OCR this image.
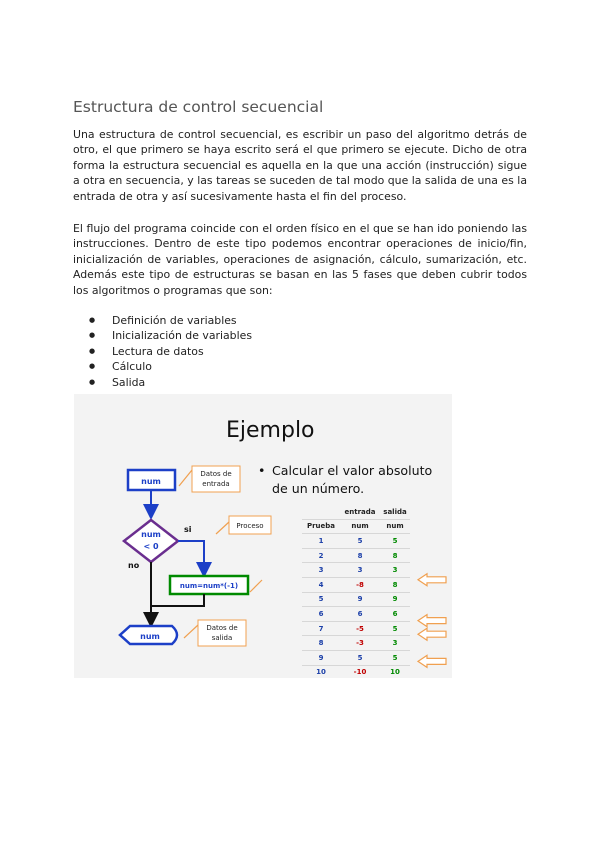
Estructura de control secuencial

Una estructura de control secuencial, es escribir un paso del algoritmo detrás de otro, el que primero se haya escrito será el que primero se ejecute. Dicho de otra forma la estructura secuencial es aquella en la que una acción (instrucción) sigue a otra en secuencia, y las tareas se suceden de tal modo que la salida de una es la entrada de otra y así sucesivamente hasta el fin del proceso.

El flujo del programa coincide con el orden físico en el que se han ido poniendo las instrucciones. Dentro de este tipo podemos encontrar operaciones de inicio/fin, inicialización de variables, operaciones de asignación, cálculo, sumarización, etc. Además este tipo de estructuras se basan en las 5 fases que deben cubrir todos los algoritmos o programas que son:

● Definición de variables
● Inicialización de variables
● Lectura de datos
● Cálculo
● Salida
Ejemplo
• Calcular el valor absoluto de un número.
num
Datos de
entrada
num
< 0
si	Proceso
num=num*(-1)
no
num
Datos de
salida
	entrada	salida
Prueba	num	num
1	5	5
2	8	8
3	3	3
4	-8	8
5	9	9
6	6	6
7	-5	5
8	-3	3
9	5	5
10	-10	10
